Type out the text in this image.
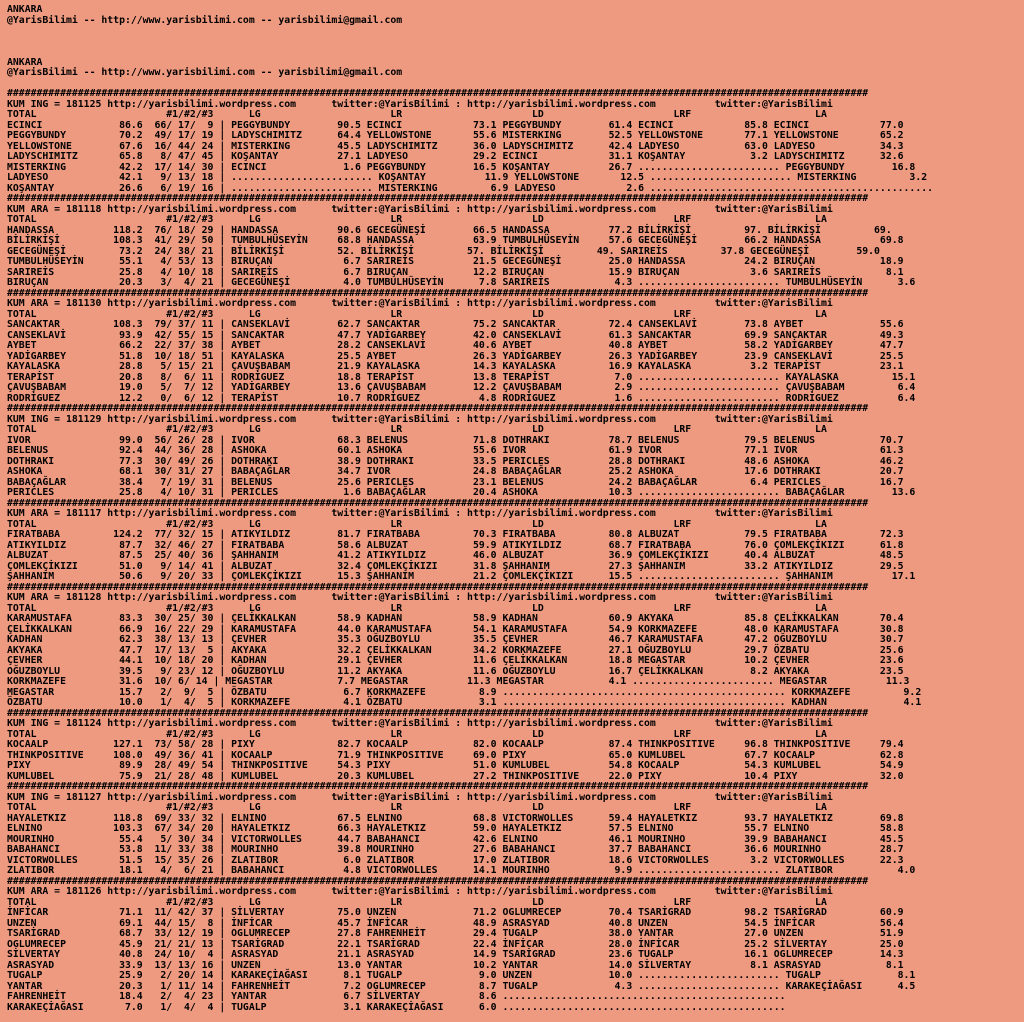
ANKARA
@YarisBilimi -- http://www.yarisbilimi.com -- yarisbilimi@gmail.com
ANKARA
@YarisBilimi -- http://www.yarisbilimi.com -- yarisbilimi@gmail.com
##################################################################################################################################################
KUM ING = 181125 http://yarisbilimi.wordpress.com      twitter:@YarisBilimi : http://yarisbilimi.wordpress.com          twitter:@YarisBilimi
TOTAL                      #1/#2/#3      LG                      LR                      LD                      LRF                     LA
ECINCI             86.6  66/ 17/  9 | PEGGYBUNDY        90.5 ECINCI            73.1 PEGGYBUNDY        61.4 ECINCI            85.8 ECINCI            77.0
PEGGYBUNDY         70.2  49/ 17/ 19 | LADYSCHIMITZ      64.4 YELLOWSTONE       55.6 MISTERKING        52.5 YELLOWSTONE       77.1 YELLOWSTONE       65.2
YELLOWSTONE        67.6  16/ 44/ 24 | MISTERKING        45.5 LADYSCHIMITZ      36.0 LADYSCHIMITZ      42.4 LADYESO           63.0 LADYESO           34.3
LADYSCHIMITZ       65.8   8/ 47/ 45 | KOŞANTAY          27.1 LADYESO           29.2 ECINCI            31.1 KOŞANTAY           3.2 LADYSCHIMITZ      32.6
MISTERKING         42.2  17/ 14/ 30 | ECINCI             1.6 PEGGYBUNDY        16.5 KOŞANTAY          26.7 ........................ PEGGYBUNDY        16.8
LADYESO            42.1   9/ 13/ 18 | ........................ KOŞANTAY          11.9 YELLOWSTONE       12.5 ........................ MISTERKING         3.2
KOŞANTAY           26.6   6/ 19/ 16 | ........................ MISTERKING         6.9 LADYESO            2.6 ................................................
##################################################################################################################################################
KUM ARA = 181118 http://yarisbilimi.wordpress.com      twitter:@YarisBilimi : http://yarisbilimi.wordpress.com          twitter:@YarisBilimi
TOTAL                      #1/#2/#3      LG                      LR                      LD                      LRF                     LA
HANDASSA          118.2  76/ 18/ 29 | HANDASSA          90.6 GECEGÜNEŞİ        66.5 HANDASSA          77.2 BİLİRKİŞİ         97. BİLİRKİŞİ         69.
BİLİRKİŞİ         108.3  41/ 29/ 50 | TUMBULHÜSEYİN     68.8 HANDASSA          63.9 TUMBULHÜSEYİN     57.6 GECEGÜNEŞİ        66.2 HANDASSA          69.8
GECEGÜNEŞİ         73.2  24/ 38/ 21 | BİLİRKİŞİ         52. BİLİRKİŞİ         57. BİLİRKİŞİ         49. SARIREİS         37.8 GECEGÜNEŞİ        59.0
TUMBULHÜSEYİN      55.1   4/ 53/ 13 | BIRUÇAN            6.7 SARIREİS          21.5 GECEGÜNEŞİ        25.0 HANDASSA          24.2 BIRUÇAN           18.9
SARIREİS           25.8   4/ 10/ 18 | SARIREİS           6.7 BIRUÇAN           12.2 BIRUÇAN           15.9 BIRUÇAN            3.6 SARIREİS           8.1
BIRUÇAN            20.3   3/  4/ 21 | GECEGÜNEŞİ         4.0 TUMBULHÜSEYİN      7.8 SARIREİS           4.3 ........................ TUMBULHÜSEYİN      3.6
##################################################################################################################################################
KUM ARA = 181130 http://yarisbilimi.wordpress.com      twitter:@YarisBilimi : http://yarisbilimi.wordpress.com          twitter:@YarisBilimi
TOTAL                      #1/#2/#3      LG                      LR                      LD                      LRF                     LA
SANCAKTAR         108.3  79/ 37/ 11 | CANSEKLAVİ        62.7 SANCAKTAR         75.2 SANCAKTAR         72.4 CANSEKLAVİ        73.8 AYBET             55.6
CANSEKLAVİ         93.9  42/ 55/ 15 | SANCAKTAR         47.7 YADİGARBEY        42.0 CANSEKLAVİ        61.3 SANCAKTAR         69.9 SANCAKTAR         49.3
AYBET              66.2  22/ 37/ 38 | AYBET             28.2 CANSEKLAVİ        40.6 AYBET             40.8 AYBET             58.2 YADİGARBEY        47.7
YADİGARBEY         51.8  10/ 18/ 51 | KAYALASKA         25.5 AYBET             26.3 YADİGARBEY        26.3 YADİGARBEY        23.9 CANSEKLAVİ        25.5
KAYALASKA          28.8   5/ 15/ 21 | ÇAVUŞBABAM        21.9 KAYALASKA         14.3 KAYALASKA         16.9 KAYALASKA          3.2 TERAPİST          23.1
TERAPİST           20.8   8/  6/ 11 | RODRİGUEZ         18.8 TERAPİST          13.8 TERAPİST           7.0 ........................ KAYALASKA         15.1
ÇAVUŞBABAM         19.0   5/  7/ 12 | YADİGARBEY        13.6 ÇAVUŞBABAM        12.2 ÇAVUŞBABAM         2.9 ........................ ÇAVUŞBABAM         6.4
RODRİGUEZ          12.2   0/  6/ 12 | TERAPİST          10.7 RODRİGUEZ          4.8 RODRİGUEZ          1.6 ........................ RODRİGUEZ          6.4
##################################################################################################################################################
KUM ING = 181129 http://yarisbilimi.wordpress.com      twitter:@YarisBilimi : http://yarisbilimi.wordpress.com          twitter:@YarisBilimi
TOTAL                      #1/#2/#3      LG                      LR                      LD                      LRF                     LA
IVOR               99.0  56/ 26/ 28 | IVOR              68.3 BELENUS           71.8 DOTHRAKI          78.7 BELENUS           79.5 BELENUS           70.7
BELENUS            92.4  44/ 36/ 28 | ASHOKA            60.1 ASHOKA            55.6 IVOR              61.9 IVOR              77.1 IVOR              61.3
DOTHRAKI           77.3  30/ 49/ 26 | DOTHRAKI          38.9 DOTHRAKI          33.5 PERICLES          28.8 DOTHRAKI          48.6 ASHOKA            46.2
ASHOKA             68.1  30/ 31/ 27 | BABAÇAĞLAR        34.7 IVOR              24.8 BABAÇAĞLAR        25.2 ASHOKA            17.6 DOTHRAKI          20.7
BABAÇAĞLAR         38.4   7/ 19/ 31 | BELENUS           25.6 PERICLES          23.1 BELENUS           24.2 BABAÇAĞLAR         6.4 PERICLES          16.7
PERICLES           25.8   4/ 10/ 31 | PERICLES           1.6 BABAÇAĞLAR        20.4 ASHOKA            10.3 ........................ BABAÇAĞLAR        13.6
##################################################################################################################################################
KUM ARA = 181117 http://yarisbilimi.wordpress.com      twitter:@YarisBilimi : http://yarisbilimi.wordpress.com          twitter:@YarisBilimi
TOTAL                      #1/#2/#3      LG                      LR                      LD                      LRF                     LA
FIRATBABA         124.2  77/ 32/ 15 | ATIKYILDIZ        81.7 FIRATBABA         70.3 FIRATBABA         80.8 ALBUZAT           79.5 FIRATBABA         72.3
ATIKYILDIZ         87.7  32/ 46/ 27 | FIRATBABA         58.6 ALBUZAT           59.9 ATIKYILDIZ        68.7 FIRATBABA         76.0 ÇOMLEKÇİKIZI      61.8
ALBUZAT            87.5  25/ 40/ 36 | ŞAHHANIM          41.2 ATIKYILDIZ        46.0 ALBUZAT           36.9 ÇOMLEKÇİKIZI      40.4 ALBUZAT           48.5
ÇOMLEKÇİKIZI       51.0   9/ 14/ 41 | ALBUZAT           32.4 ÇOMLEKÇİKIZI      31.8 ŞAHHANIM          27.3 ŞAHHANIM          33.2 ATIKYILDIZ        29.5
ŞAHHANIM           50.6   9/ 20/ 33 | ÇOMLEKÇİKIZI      15.3 ŞAHHANIM          21.2 ÇOMLEKÇİKIZI      15.5 ........................ ŞAHHANIM          17.1
##################################################################################################################################################
KUM ARA = 181128 http://yarisbilimi.wordpress.com      twitter:@YarisBilimi : http://yarisbilimi.wordpress.com          twitter:@YarisBilimi
TOTAL                      #1/#2/#3      LG                      LR                      LD                      LRF                     LA
KARAMUSTAFA        83.3  30/ 25/ 30 | ÇELİKKALKAN       58.9 KADHAN            58.9 KADHAN            60.9 AKYAKA            85.8 ÇELİKKALKAN       70.4
ÇELİKKALKAN        66.9  16/ 22/ 29 | KARAMUSTAFA       44.0 KARAMUSTAFA       54.1 KARAMUSTAFA       54.9 KORKMAZEFE        48.0 KARAMUSTAFA       30.8
KADHAN             62.3  38/ 13/ 13 | ÇEVHER            35.3 OĞUZBOYLU         35.5 ÇEVHER            46.7 KARAMUSTAFA       47.2 OĞUZBOYLU         30.7
AKYAKA             47.7  17/ 13/  5 | AKYAKA            32.2 ÇELİKKALKAN       34.2 KORKMAZEFE        27.1 OĞUZBOYLU         29.7 ÖZBATU            25.6
ÇEVHER             44.1  10/ 18/ 20 | KADHAN            29.1 ÇEVHER            11.6 ÇELİKKALKAN       18.8 MEGASTAR          10.2 ÇEVHER            23.6
OĞUZBOYLU          39.5   9/ 23/ 12 | OĞUZBOYLU         11.2 AKYAKA            11.6 OĞUZBOYLU         16.7 ÇELİKKALKAN        8.2 AKYAKA            23.5
KORKMAZEFE         31.6  10/ 6/ 14 | MEGASTAR           7.7 MEGASTAR          11.3 MEGASTAR           4.1 ........................ MEGASTAR          11.3
MEGASTAR           15.7   2/  9/  5 | ÖZBATU             6.7 KORKMAZEFE         8.9 ................................................ KORKMAZEFE         9.2
ÖZBATU             10.0   1/  4/  5 | KORKMAZEFE         4.1 ÖZBATU             3.1 ................................................ KADHAN             4.1
##################################################################################################################################################
KUM ING = 181124 http://yarisbilimi.wordpress.com      twitter:@YarisBilimi : http://yarisbilimi.wordpress.com          twitter:@YarisBilimi
TOTAL                      #1/#2/#3      LG                      LR                      LD                      LRF                     LA
KOCAALP           127.1  73/ 58/ 28 | PIXY              82.7 KOCAALP           82.0 KOCAALP           87.4 THINKPOSITIVE     96.8 THINKPOSITIVE     79.4
THINKPOSITIVE     108.0  49/ 36/ 41 | KOCAALP           71.9 THINKPOSITIVE     69.0 PIXY              65.0 KUMLUBEL          67.7 KOCAALP           62.8
PIXY               89.9  28/ 49/ 54 | THINKPOSITIVE     54.3 PIXY              51.0 KUMLUBEL          54.8 KOCAALP           54.3 KUMLUBEL          54.9
KUMLUBEL           75.9  21/ 28/ 48 | KUMLUBEL          20.3 KUMLUBEL          27.2 THINKPOSITIVE     22.0 PIXY              10.4 PIXY              32.0
##################################################################################################################################################
KUM ING = 181127 http://yarisbilimi.wordpress.com      twitter:@YarisBilimi : http://yarisbilimi.wordpress.com          twitter:@YarisBilimi
TOTAL                      #1/#2/#3      LG                      LR                      LD                      LRF                     LA
HAYALETKIZ        118.8  69/ 33/ 32 | ELNINO            67.5 ELNINO            68.8 VICTORWOLLES      59.4 HAYALETKIZ        93.7 HAYALETKIZ        69.8
ELNINO            103.3  67/ 34/ 20 | HAYALETKIZ        66.3 HAYALETKIZ        59.0 HAYALETKIZ        57.5 ELNINO            55.7 ELNINO            58.8
MOURINHO           55.4   5/ 30/ 34 | VICTORWOLLES      44.7 BABAHANCI         42.6 ELNINO            46.1 MOURINHO          39.9 BABAHANCI         45.5
BABAHANCI          53.8  11/ 33/ 38 | MOURINHO          39.8 MOURINHO          27.6 BABAHANCI         37.7 BABAHANCI         36.6 MOURINHO          28.7
VICTORWOLLES       51.5  15/ 35/ 26 | ZLATIBOR           6.0 ZLATIBOR          17.0 ZLATIBOR          18.6 VICTORWOLLES       3.2 VICTORWOLLES      22.3
ZLATIBOR           18.1   4/  6/ 21 | BABAHANCI          4.8 VICTORWOLLES      14.1 MOURINHO           9.9 ........................ ZLATIBOR           4.0
##################################################################################################################################################
KUM ARA = 181126 http://yarisbilimi.wordpress.com      twitter:@YarisBilimi : http://yarisbilimi.wordpress.com          twitter:@YarisBilimi
TOTAL                      #1/#2/#3      LG                      LR                      LD                      LRF                     LA
İNFİCAR            71.1  11/ 42/ 37 | SİLVERTAY         75.0 UNZEN             71.2 OGLUMRECEP        70.4 TSARİGRAD         98.2 TSARİGRAD         60.9
UNZEN              69.1  44/ 15/  8 | İNFİCAR           45.7 İNFİCAR           48.9 ASRASYAD          40.8 UNZEN             54.5 İNFİCAR           56.4
TSARİGRAD          68.7  33/ 12/ 19 | OGLUMRECEP        27.8 FAHRENHEİT        29.4 TUGALP            38.0 YANTAR            27.0 UNZEN             51.9
OGLUMRECEP         45.9  21/ 21/ 13 | TSARİGRAD         22.1 TSARİGRAD         22.4 İNFİCAR           28.0 İNFİCAR           25.2 SİLVERTAY         25.0
SİLVERTAY          40.8  24/ 10/  4 | ASRASYAD          21.1 ASRASYAD          14.9 TSARİGRAD         23.6 TUGALP            16.1 OGLUMRECEP        14.3
ASRASYAD           33.9  13/ 13/ 16 | UNZEN             13.0 YANTAR            10.2 YANTAR            14.0 SİLVERTAY          8.1 ASRASYAD           8.1
TUGALP             25.9   2/ 20/ 14 | KARAKEÇİAĞASI      8.1 TUGALP             9.0 UNZEN             10.0 ........................ TUGALP             8.1
YANTAR             20.3   1/ 11/ 14 | FAHRENHEİT         7.2 OGLUMRECEP         8.7 TUGALP             4.3 ........................ KARAKEÇİAĞASI      4.5
FAHRENHEİT         18.4   2/  4/ 23 | YANTAR             6.7 SİLVERTAY          8.6 ................................................
KARAKEÇİAĞASI       7.0   1/  4/  4 | TUGALP             3.1 KARAKEÇİAĞASI      6.0 ................................................
